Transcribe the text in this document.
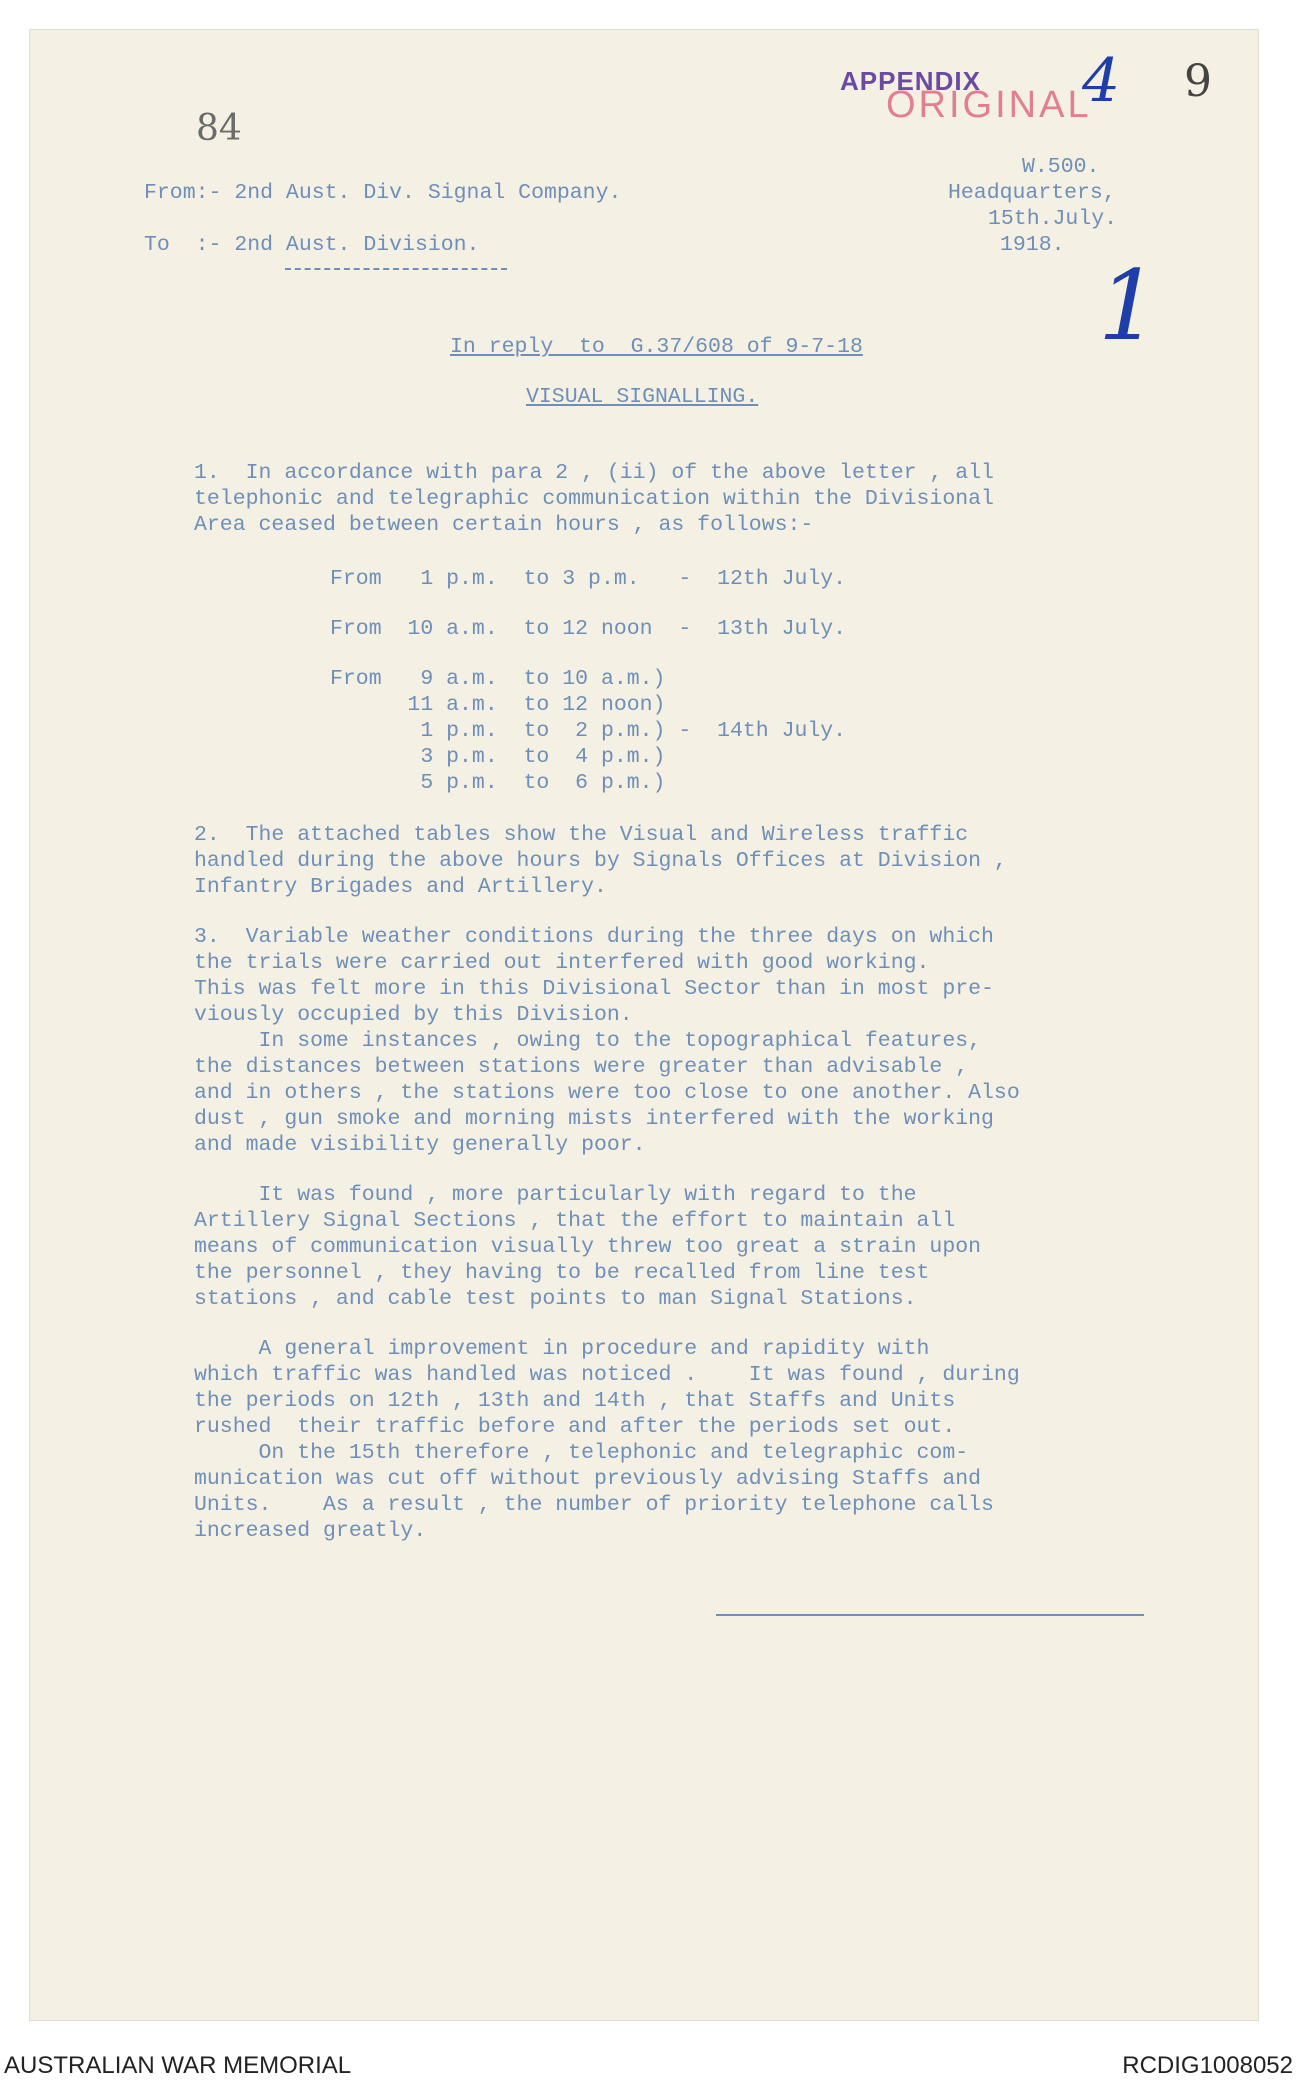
84
9
APPENDIX
ORIGINAL
4
1
From:- 2nd Aust. Div. Signal Company.
To  :- 2nd Aust. Division.
W.500.
Headquarters,
15th.July.
1918.
In reply  to  G.37/608 of 9-7-18
VISUAL SIGNALLING.
1.  In accordance with para 2 , (ii) of the above letter , all
telephonic and telegraphic communication within the Divisional
Area ceased between certain hours , as follows:-
From   1 p.m.  to 3 p.m.   -  12th July.
From  10 a.m.  to 12 noon  -  13th July.
From   9 a.m.  to 10 a.m.)
11 a.m.  to 12 noon)
1 p.m.  to  2 p.m.) -  14th July.
3 p.m.  to  4 p.m.)
5 p.m.  to  6 p.m.)
2.  The attached tables show the Visual and Wireless traffic
handled during the above hours by Signals Offices at Division ,
Infantry Brigades and Artillery.
3.  Variable weather conditions during the three days on which
the trials were carried out interfered with good working.
This was felt more in this Divisional Sector than in most pre-
viously occupied by this Division.
In some instances , owing to the topographical features,
the distances between stations were greater than advisable ,
and in others , the stations were too close to one another. Also
dust , gun smoke and morning mists interfered with the working
and made visibility generally poor.
It was found , more particularly with regard to the
Artillery Signal Sections , that the effort to maintain all
means of communication visually threw too great a strain upon
the personnel , they having to be recalled from line test
stations , and cable test points to man Signal Stations.
A general improvement in procedure and rapidity with
which traffic was handled was noticed .    It was found , during
the periods on 12th , 13th and 14th , that Staffs and Units
rushed  their traffic before and after the periods set out.
On the 15th therefore , telephonic and telegraphic com-
munication was cut off without previously advising Staffs and
Units.    As a result , the number of priority telephone calls
increased greatly.
AUSTRALIAN WAR MEMORIAL	RCDIG1008052
